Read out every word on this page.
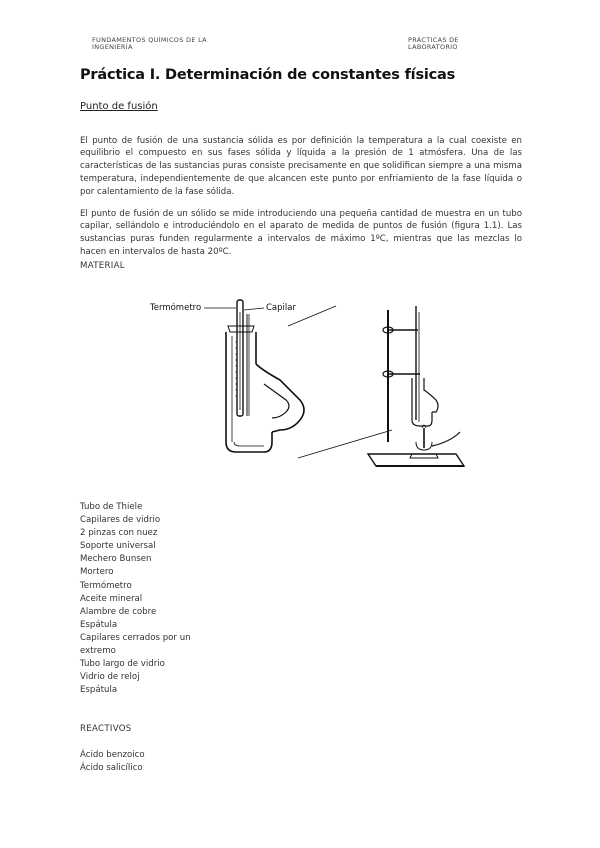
FUNDAMENTOS QUÍMICOS DE LA INGENIERÍA
PRÁCTICAS DE LABORATORIO
Práctica I. Determinación de constantes físicas
Punto de fusión

El punto de fusión de una sustancia sólida es por definición la temperatura a la cual coexiste en equilibrio el compuesto en sus fases sólida y líquida a la presión de 1 atmósfera. Una de las características de las sustancias puras consiste precisamente en que solidifican siempre a una misma temperatura, independientemente de que alcancen este punto por enfriamiento de la fase líquida o por calentamiento de la fase sólida.

El punto de fusión de un sólido se mide introduciendo una pequeña cantidad de muestra en un tubo capilar, sellándolo e introduciéndolo en el aparato de medida de puntos de fusión (figura 1.1). Las sustancias puras funden regularmente a intervalos de máximo 1ºC, mientras que las mezclas lo hacen en intervalos de hasta 20ºC.

MATERIAL
Termómetro	Capilar
Tubo de Thiele
Capilares de vidrio
2 pinzas con nuez
Soporte universal
Mechero Bunsen
Mortero
Termómetro
Aceite mineral
Alambre de cobre
Espátula
Capilares cerrados por un extremo
Tubo largo de vidrio
Vidrio de reloj
Espátula
REACTIVOS
Ácido benzoico
Ácido salicílico
